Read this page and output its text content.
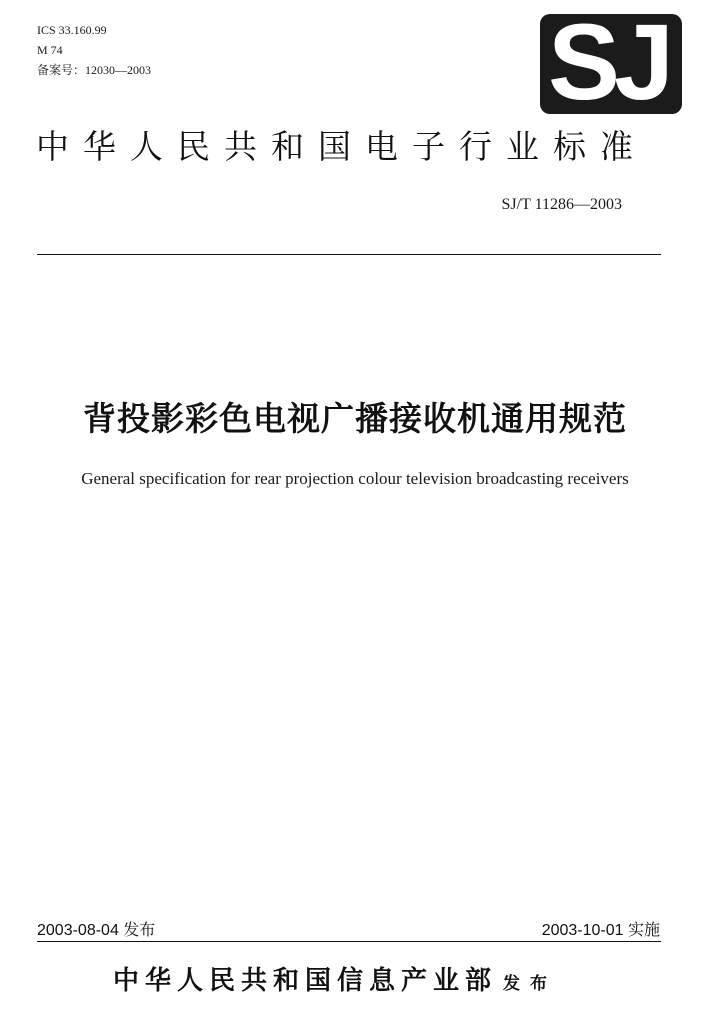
ICS 33.160.99
M 74
备案号：12030—2003	SJ
中华人民共和国电子行业标准
SJ/T 11286—2003
背投影彩色电视广播接收机通用规范
General specification for rear projection colour television broadcasting receivers
2003-08-04 发布	2003-10-01 实施
中华人民共和国信息产业部 发布
